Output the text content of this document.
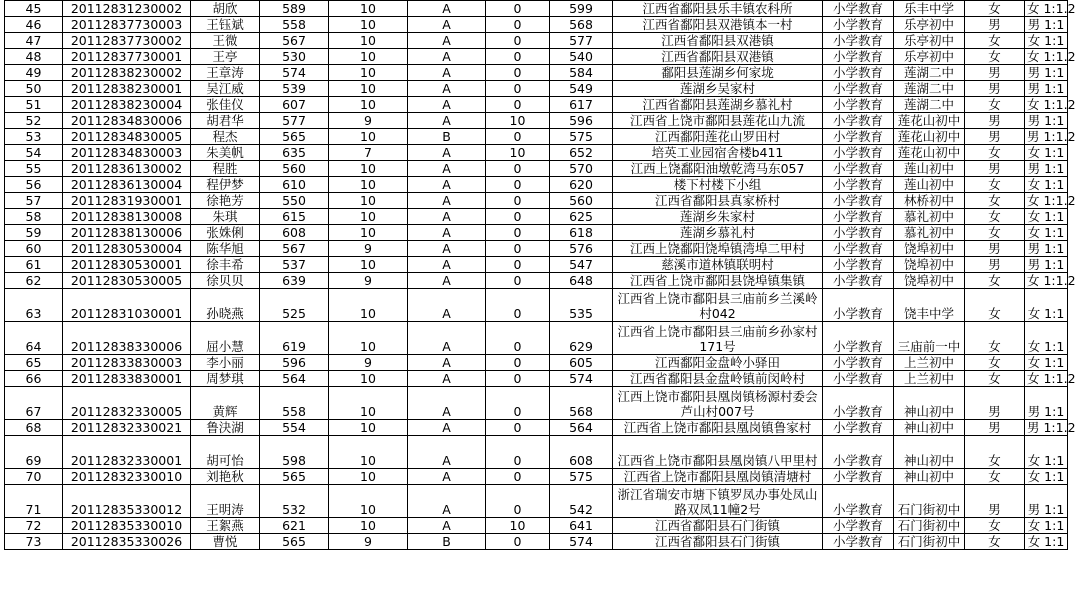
45	20112831230002	胡欣	589	10	A	0	599	江西省鄱阳县乐丰镇农科所	小学教育	乐丰中学	女	女 1:1.2
46	20112837730003	王钰斌	558	10	A	0	568	江西省鄱阳县双港镇本一村	小学教育	乐亭初中	男	男 1:1
47	20112837730002	王微	567	10	A	0	577	江西省鄱阳县双港镇	小学教育	乐亭初中	女	女 1:1
48	20112837730001	王亭	530	10	A	0	540	江西省鄱阳县双港镇	小学教育	乐亭初中	女	女 1:1.2
49	20112838230002	王章涛	574	10	A	0	584	鄱阳县莲湖乡何家垅	小学教育	莲湖二中	男	男 1:1
50	20112838230001	吴江威	539	10	A	0	549	莲湖乡吴家村	小学教育	莲湖二中	男	男 1:1
51	20112838230004	张佳仪	607	10	A	0	617	江西省鄱阳县莲湖乡慕礼村	小学教育	莲湖二中	女	女 1:1.2
52	20112834830006	胡君华	577	9	A	10	596	江西省上饶市鄱阳县莲花山九流	小学教育	莲花山初中	男	男 1:1
53	20112834830005	程杰	565	10	B	0	575	江西鄱阳莲花山罗田村	小学教育	莲花山初中	男	男 1:1.2
54	20112834830003	朱美帆	635	7	A	10	652	培英工业园宿舍楼b411	小学教育	莲花山初中	女	女 1:1
55	20112836130002	程胜	560	10	A	0	570	江西上饶鄱阳油墩乾湾马东057	小学教育	莲山初中	男	男 1:1
56	20112836130004	程伊梦	610	10	A	0	620	楼下村楼下小组	小学教育	莲山初中	女	女 1:1
57	20112831930001	徐艳芳	550	10	A	0	560	江西省鄱阳县真家桥村	小学教育	林桥初中	女	女 1:1.2
58	20112838130008	朱琪	615	10	A	0	625	莲湖乡朱家村	小学教育	慕礼初中	女	女 1:1
59	20112838130006	张姝俐	608	10	A	0	618	莲湖乡慕礼村	小学教育	慕礼初中	女	女 1:1
60	20112830530004	陈华旭	567	9	A	0	576	江西上饶鄱阳饶埠镇湾埠二甲村	小学教育	饶埠初中	男	男 1:1
61	20112830530001	徐丰希	537	10	A	0	547	慈溪市道林镇联明村	小学教育	饶埠初中	男	男 1:1
62	20112830530005	徐贝贝	639	9	A	0	648	江西省上饶市鄱阳县饶埠镇集镇	小学教育	饶埠初中	女	女 1:1.2
63	20112831030001	孙晓燕	525	10	A	0	535	江西省上饶市鄱阳县三庙前乡兰溪岭村042	小学教育	饶丰中学	女	女 1:1
64	20112838330006	屈小慧	619	10	A	0	629	江西省上饶市鄱阳县三庙前乡孙家村171号	小学教育	三庙前一中	女	女 1:1
65	20112833830003	李小丽	596	9	A	0	605	江西鄱阳金盘岭小驿田	小学教育	上兰初中	女	女 1:1
66	20112833830001	周梦琪	564	10	A	0	574	江西省鄱阳县金盘岭镇前闵岭村	小学教育	上兰初中	女	女 1:1.2
67	20112832330005	黄辉	558	10	A	0	568	江西上饶市鄱阳县凰岗镇杨源村委会芦山村007号	小学教育	神山初中	男	男 1:1
68	20112832330021	鲁決湖	554	10	A	0	564	江西省上饶市鄱阳县凰岗镇鲁家村	小学教育	神山初中	男	男 1:1.2
69	20112832330001	胡可怡	598	10	A	0	608	江西省上饶市鄱阳县凰岗镇八甲里村	小学教育	神山初中	女	女 1:1
70	20112832330010	刘艳秋	565	10	A	0	575	江西省上饶市鄱阳县凰岗镇清塘村	小学教育	神山初中	女	女 1:1
71	20112835330012	王明涛	532	10	A	0	542	浙江省瑞安市塘下镇罗凤办事处凤山路双凤11幢2号	小学教育	石门街初中	男	男 1:1
72	20112835330010	王絮燕	621	10	A	10	641	江西省鄱阳县石门街镇	小学教育	石门街初中	女	女 1:1
73	20112835330026	曹悦	565	9	B	0	574	江西省鄱阳县石门街镇	小学教育	石门街初中	女	女 1:1
